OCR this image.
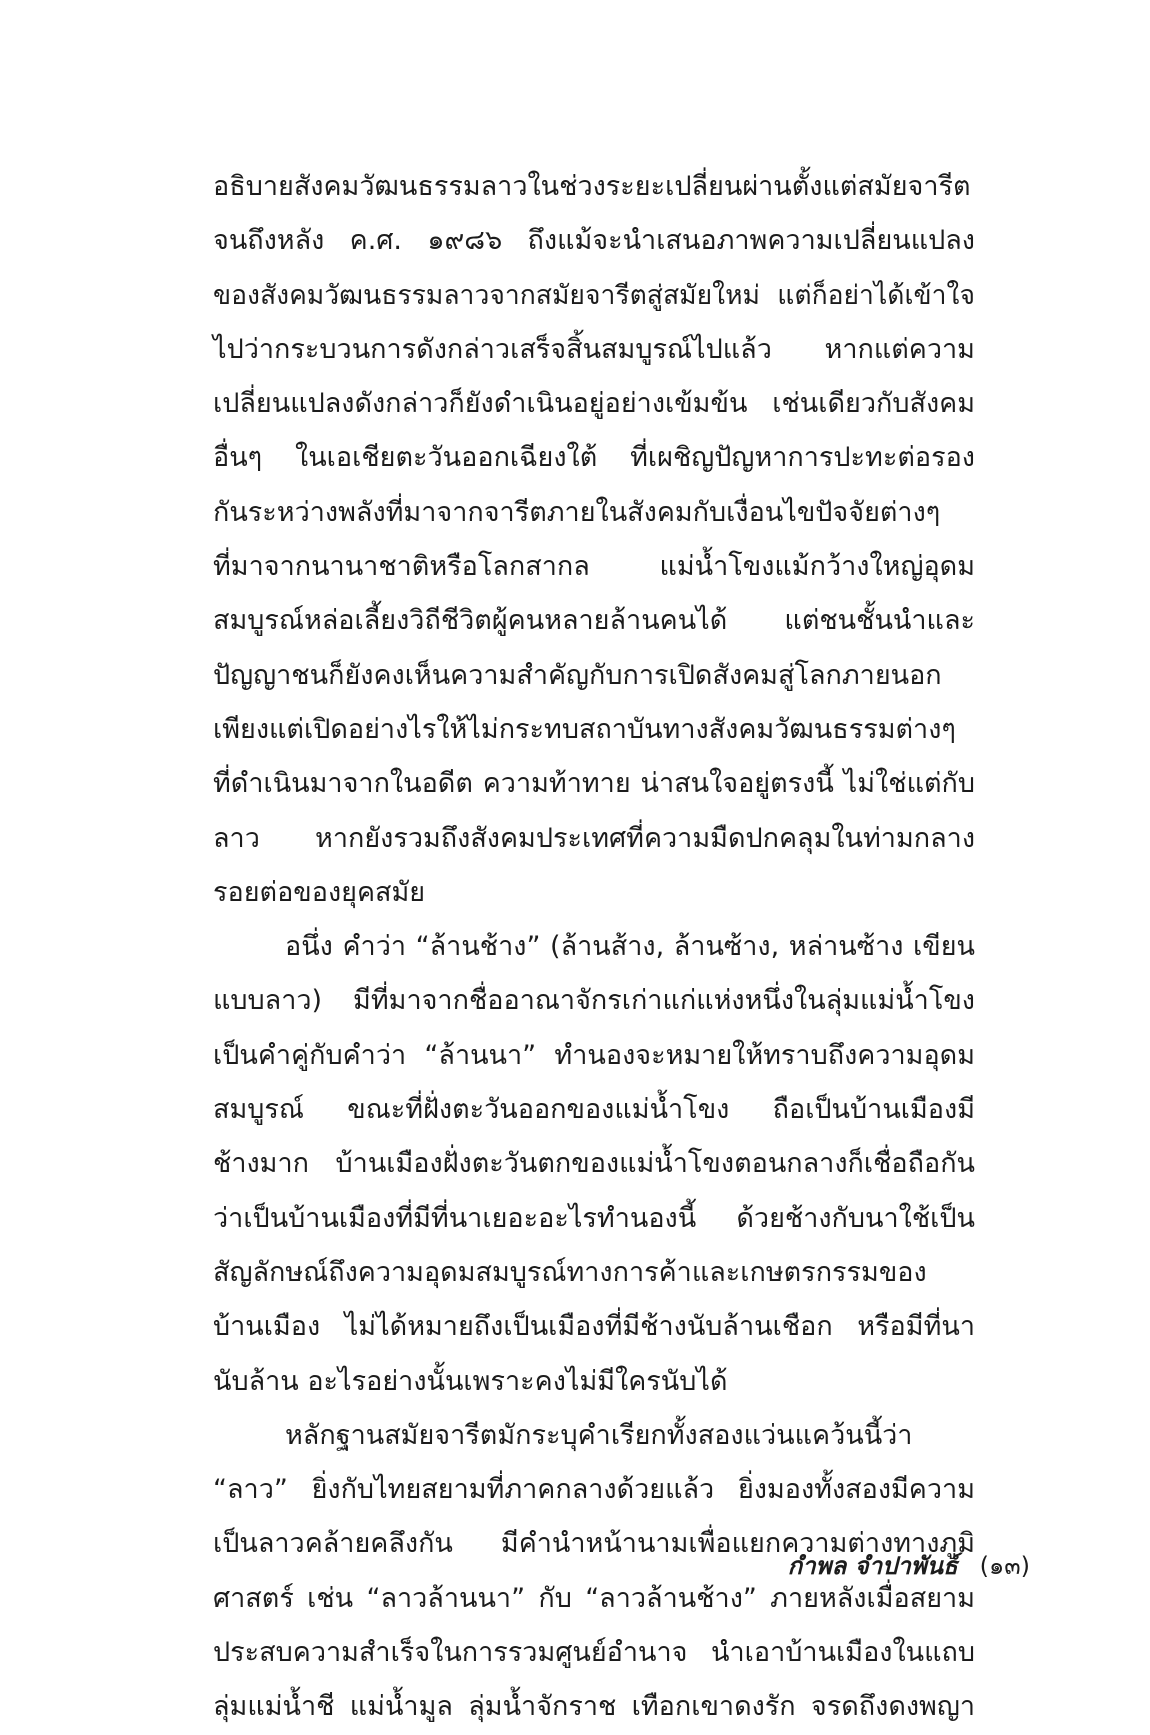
อธิบายสังคมวัฒนธรรมลาวในช่วงระยะเปลี่ยนผ่านตั้งแต่สมัยจารีต
จนถึงหลัง ค.ศ. ๑๙๘๖ ถึงแม้จะนำเสนอภาพความเปลี่ยนแปลง
ของสังคมวัฒนธรรมลาวจากสมัยจารีตสู่สมัยใหม่ แต่ก็อย่าได้เข้าใจ
ไปว่ากระบวนการดังกล่าวเสร็จสิ้นสมบูรณ์ไปแล้ว หากแต่ความ
เปลี่ยนแปลงดังกล่าวก็ยังดำเนินอยู่อย่างเข้มข้น เช่นเดียวกับสังคม
อื่นๆ ในเอเชียตะวันออกเฉียงใต้ ที่เผชิญปัญหาการปะทะต่อรอง
กันระหว่างพลังที่มาจากจารีตภายในสังคมกับเงื่อนไขปัจจัยต่างๆ
ที่มาจากนานาชาติหรือโลกสากล แม่น้ำโขงแม้กว้างใหญ่อุดม
สมบูรณ์หล่อเลี้ยงวิถีชีวิตผู้คนหลายล้านคนได้ แต่ชนชั้นนำและ
ปัญญาชนก็ยังคงเห็นความสำคัญกับการเปิดสังคมสู่โลกภายนอก
เพียงแต่เปิดอย่างไรให้ไม่กระทบสถาบันทางสังคมวัฒนธรรมต่างๆ
ที่ดำเนินมาจากในอดีต ความท้าทาย น่าสนใจอยู่ตรงนี้ ไม่ใช่แต่กับ
ลาว หากยังรวมถึงสังคมประเทศที่ความมืดปกคลุมในท่ามกลาง
รอยต่อของยุคสมัย
อนึ่ง คำว่า “ล้านช้าง” (ล้านส้าง, ล้านซ้าง, หล่านซ้าง เขียน
แบบลาว) มีที่มาจากชื่ออาณาจักรเก่าแก่แห่งหนึ่งในลุ่มแม่น้ำโขง
เป็นคำคู่กับคำว่า “ล้านนา” ทำนองจะหมายให้ทราบถึงความอุดม
สมบูรณ์ ขณะที่ฝั่งตะวันออกของแม่น้ำโขง ถือเป็นบ้านเมืองมี
ช้างมาก บ้านเมืองฝั่งตะวันตกของแม่น้ำโขงตอนกลางก็เชื่อถือกัน
ว่าเป็นบ้านเมืองที่มีที่นาเยอะอะไรทำนองนี้ ด้วยช้างกับนาใช้เป็น
สัญลักษณ์ถึงความอุดมสมบูรณ์ทางการค้าและเกษตรกรรมของ
บ้านเมือง ไม่ได้หมายถึงเป็นเมืองที่มีช้างนับล้านเชือก หรือมีที่นา
นับล้าน อะไรอย่างนั้นเพราะคงไม่มีใครนับได้
หลักฐานสมัยจารีตมักระบุคำเรียกทั้งสองแว่นแคว้นนี้ว่า
“ลาว” ยิ่งกับไทยสยามที่ภาคกลางด้วยแล้ว ยิ่งมองทั้งสองมีความ
เป็นลาวคล้ายคลึงกัน มีคำนำหน้านามเพื่อแยกความต่างทางภูมิ
ศาสตร์ เช่น “ลาวล้านนา” กับ “ลาวล้านช้าง” ภายหลังเมื่อสยาม
ประสบความสำเร็จในการรวมศูนย์อำนาจ นำเอาบ้านเมืองในแถบ
ลุ่มแม่น้ำชี แม่น้ำมูล ลุ่มน้ำจักราช เทือกเขาดงรัก จรดถึงดงพญา
กำพล จำปาพันธ์ (๑๓)
